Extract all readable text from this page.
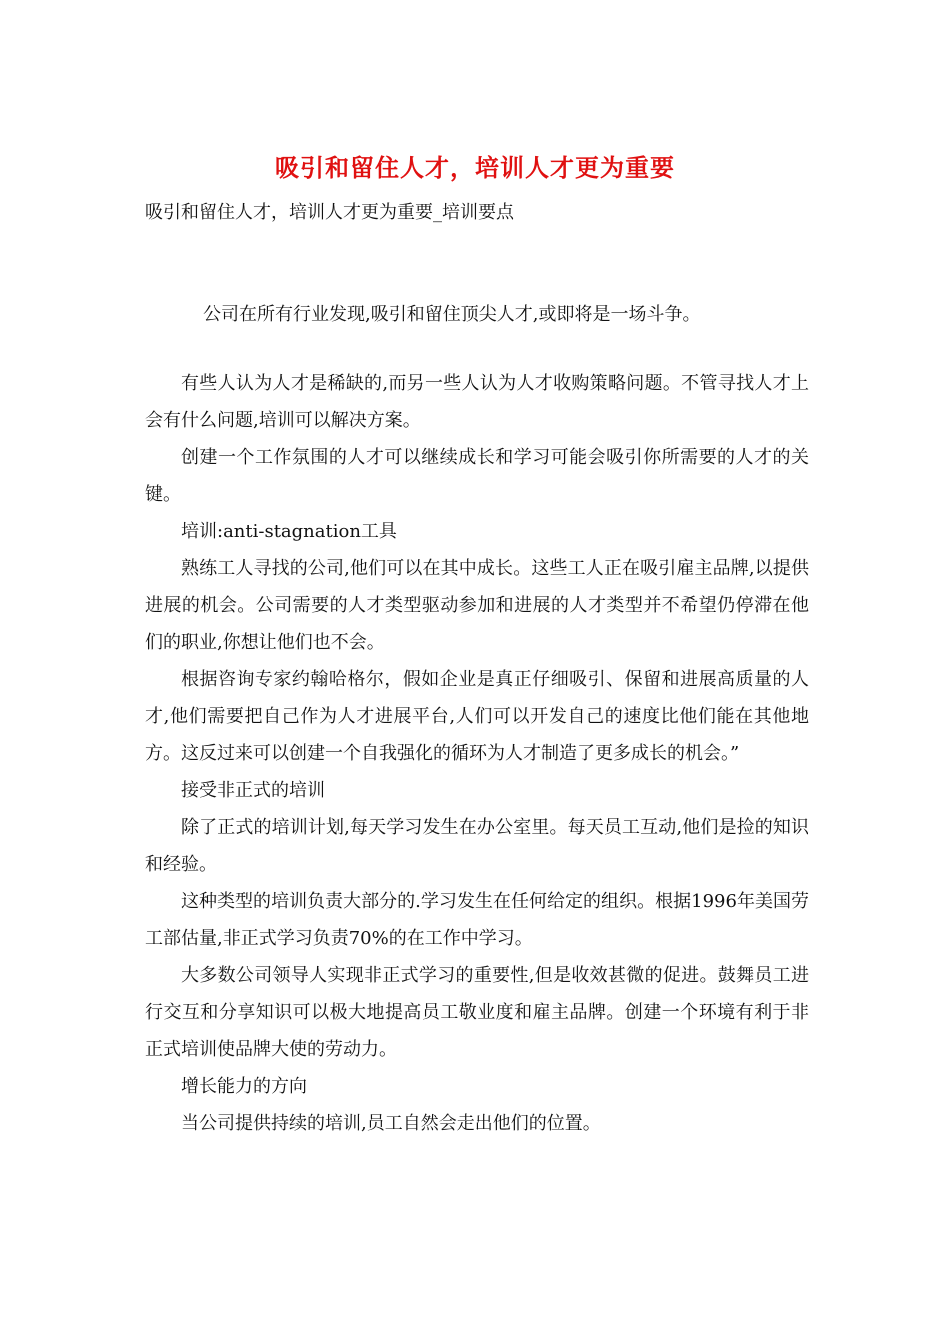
吸引和留住人才，培训人才更为重要
吸引和留住人才，培训人才更为重要_培训要点
公司在所有行业发现,吸引和留住顶尖人才,或即将是一场斗争。

有些人认为人才是稀缺的,而另一些人认为人才收购策略问题。不管寻找人才上会有什么问题,培训可以解决方案。

创建一个工作氛围的人才可以继续成长和学习可能会吸引你所需要的人才的关键。

培训:anti-stagnation工具

熟练工人寻找的公司,他们可以在其中成长。这些工人正在吸引雇主品牌,以提供进展的机会。公司需要的人才类型驱动参加和进展的人才类型并不希望仍停滞在他们的职业,你想让他们也不会。

根据咨询专家约翰哈格尔，假如企业是真正仔细吸引、保留和进展高质量的人才,他们需要把自己作为人才进展平台,人们可以开发自己的速度比他们能在其他地方。这反过来可以创建一个自我强化的循环为人才制造了更多成长的机会。”

接受非正式的培训

除了正式的培训计划,每天学习发生在办公室里。每天员工互动,他们是捡的知识和经验。

这种类型的培训负责大部分的.学习发生在任何给定的组织。根据1996年美国劳工部估量,非正式学习负责70%的在工作中学习。

大多数公司领导人实现非正式学习的重要性,但是收效甚微的促进。鼓舞员工进行交互和分享知识可以极大地提高员工敬业度和雇主品牌。创建一个环境有利于非正式培训使品牌大使的劳动力。

增长能力的方向

当公司提供持续的培训,员工自然会走出他们的位置。
